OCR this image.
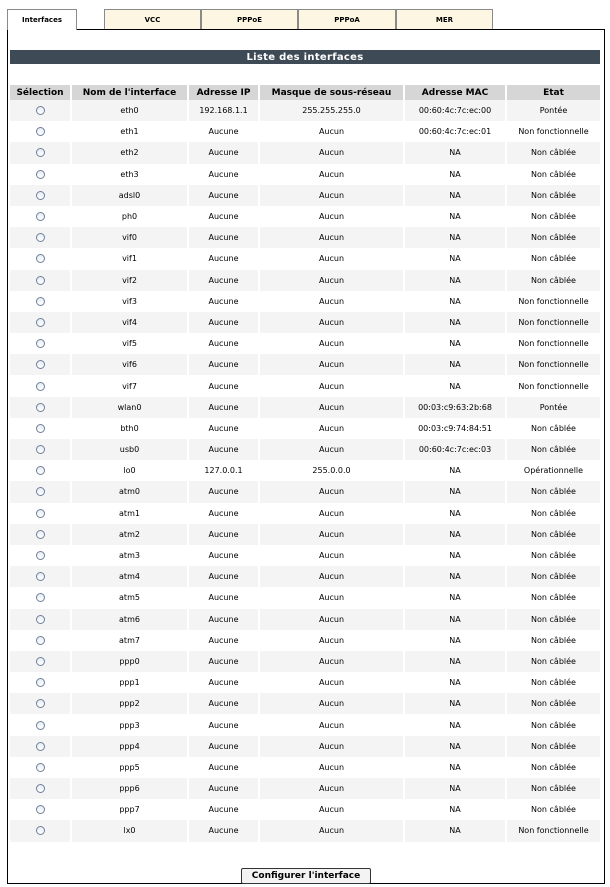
Interfaces	VCC	PPPoE	PPPoA	MER
Liste des interfaces
Sélection	Nom de l'interface	Adresse IP	Masque de sous-réseau	Adresse MAC	Etat
	eth0	192.168.1.1	255.255.255.0	00:60:4c:7c:ec:00	Pontée
	eth1	Aucune	Aucun	00:60:4c:7c:ec:01	Non fonctionnelle
	eth2	Aucune	Aucun	NA	Non câblée
	eth3	Aucune	Aucun	NA	Non câblée
	adsl0	Aucune	Aucun	NA	Non câblée
	ph0	Aucune	Aucun	NA	Non câblée
	vif0	Aucune	Aucun	NA	Non câblée
	vif1	Aucune	Aucun	NA	Non câblée
	vif2	Aucune	Aucun	NA	Non câblée
	vif3	Aucune	Aucun	NA	Non fonctionnelle
	vif4	Aucune	Aucun	NA	Non fonctionnelle
	vif5	Aucune	Aucun	NA	Non fonctionnelle
	vif6	Aucune	Aucun	NA	Non fonctionnelle
	vif7	Aucune	Aucun	NA	Non fonctionnelle
	wlan0	Aucune	Aucun	00:03:c9:63:2b:68	Pontée
	bth0	Aucune	Aucun	00:03:c9:74:84:51	Non câblée
	usb0	Aucune	Aucun	00:60:4c:7c:ec:03	Non câblée
	lo0	127.0.0.1	255.0.0.0	NA	Opérationnelle
	atm0	Aucune	Aucun	NA	Non câblée
	atm1	Aucune	Aucun	NA	Non câblée
	atm2	Aucune	Aucun	NA	Non câblée
	atm3	Aucune	Aucun	NA	Non câblée
	atm4	Aucune	Aucun	NA	Non câblée
	atm5	Aucune	Aucun	NA	Non câblée
	atm6	Aucune	Aucun	NA	Non câblée
	atm7	Aucune	Aucun	NA	Non câblée
	ppp0	Aucune	Aucun	NA	Non câblée
	ppp1	Aucune	Aucun	NA	Non câblée
	ppp2	Aucune	Aucun	NA	Non câblée
	ppp3	Aucune	Aucun	NA	Non câblée
	ppp4	Aucune	Aucun	NA	Non câblée
	ppp5	Aucune	Aucun	NA	Non câblée
	ppp6	Aucune	Aucun	NA	Non câblée
	ppp7	Aucune	Aucun	NA	Non câblée
	lx0	Aucune	Aucun	NA	Non fonctionnelle
Configurer l'interface
